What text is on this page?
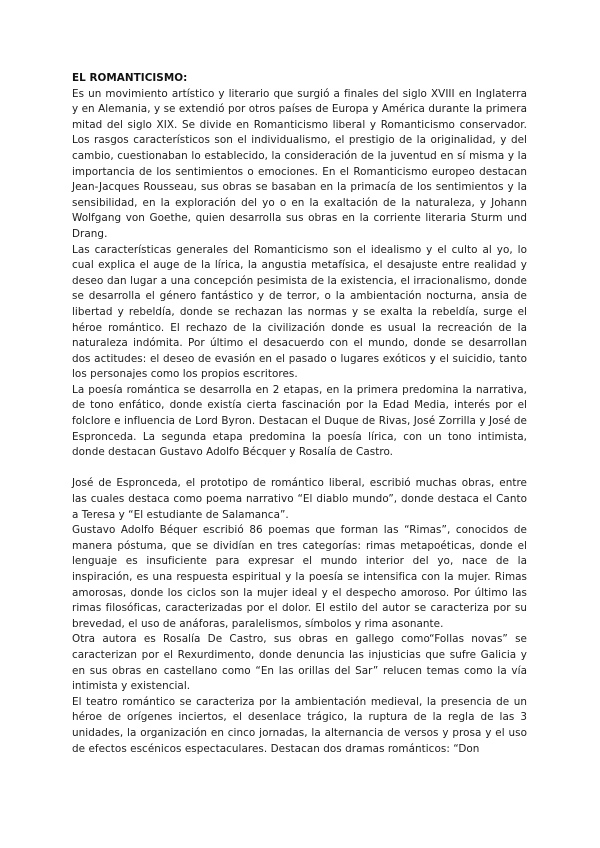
EL ROMANTICISMO:

Es un movimiento artístico y literario que surgió a finales del siglo XVIII en Inglaterra y en Alemania, y se extendió por otros países de Europa y América durante la primera mitad del siglo XIX. Se divide en Romanticismo liberal y Romanticismo conservador. Los rasgos característicos son el individualismo, el prestigio de la originalidad, y del cambio, cuestionaban lo establecido, la consideración de la juventud en sí misma y la importancia de los sentimientos o emociones. En el Romanticismo europeo destacan Jean-Jacques Rousseau, sus obras se basaban en la primacía de los sentimientos y la sensibilidad, en la exploración del yo o en la exaltación de la naturaleza, y Johann Wolfgang von Goethe, quien desarrolla sus obras en la corriente literaria Sturm und Drang.

Las características generales del Romanticismo son el idealismo y el culto al yo, lo cual explica el auge de la lírica, la angustia metafísica, el desajuste entre realidad y deseo dan lugar a una concepción pesimista de la existencia, el irracionalismo, donde se desarrolla el género fantástico y de terror, o la ambientación nocturna, ansia de libertad y rebeldía, donde se rechazan las normas y se exalta la rebeldía, surge el héroe romántico. El rechazo de la civilización donde es usual la recreación de la naturaleza indómita. Por último el desacuerdo con el mundo, donde se desarrollan dos actitudes: el deseo de evasión en el pasado o lugares exóticos y el suicidio, tanto los personajes como los propios escritores.

La poesía romántica se desarrolla en 2 etapas, en la primera predomina la narrativa, de tono enfático, donde existía cierta fascinación por la Edad Media, interés por el folclore e influencia de Lord Byron. Destacan el Duque de Rivas, José Zorrilla y José de Espronceda. La segunda etapa predomina la poesía lírica, con un tono intimista, donde destacan Gustavo Adolfo Bécquer y Rosalía de Castro.

José de Espronceda, el prototipo de romántico liberal, escribió muchas obras, entre las cuales destaca como poema narrativo “El diablo mundo”, donde destaca el Canto a Teresa y “El estudiante de Salamanca”.

Gustavo Adolfo Béquer escribió 86 poemas que forman las “Rimas”, conocidos de manera póstuma, que se dividían en tres categorías: rimas metapoéticas, donde el lenguaje es insuficiente para expresar el mundo interior del yo, nace de la inspiración, es una respuesta espiritual y la poesía se intensifica con la mujer. Rimas amorosas, donde los ciclos son la mujer ideal y el despecho amoroso. Por último las rimas filosóficas, caracterizadas por el dolor. El estilo del autor se caracteriza por su brevedad, el uso de anáforas, paralelismos, símbolos y rima asonante.

Otra autora es Rosalía De Castro, sus obras en gallego como“Follas novas” se caracterizan por el Rexurdimento, donde denuncia las injusticias que sufre Galicia y en sus obras en castellano como “En las orillas del Sar” relucen temas como la vía intimista y existencial.

El teatro romántico se caracteriza por la ambientación medieval, la presencia de un héroe de orígenes inciertos, el desenlace trágico, la ruptura de la regla de las 3 unidades, la organización en cinco jornadas, la alternancia de versos y prosa y el uso de efectos escénicos espectaculares. Destacan dos dramas románticos: “Don
